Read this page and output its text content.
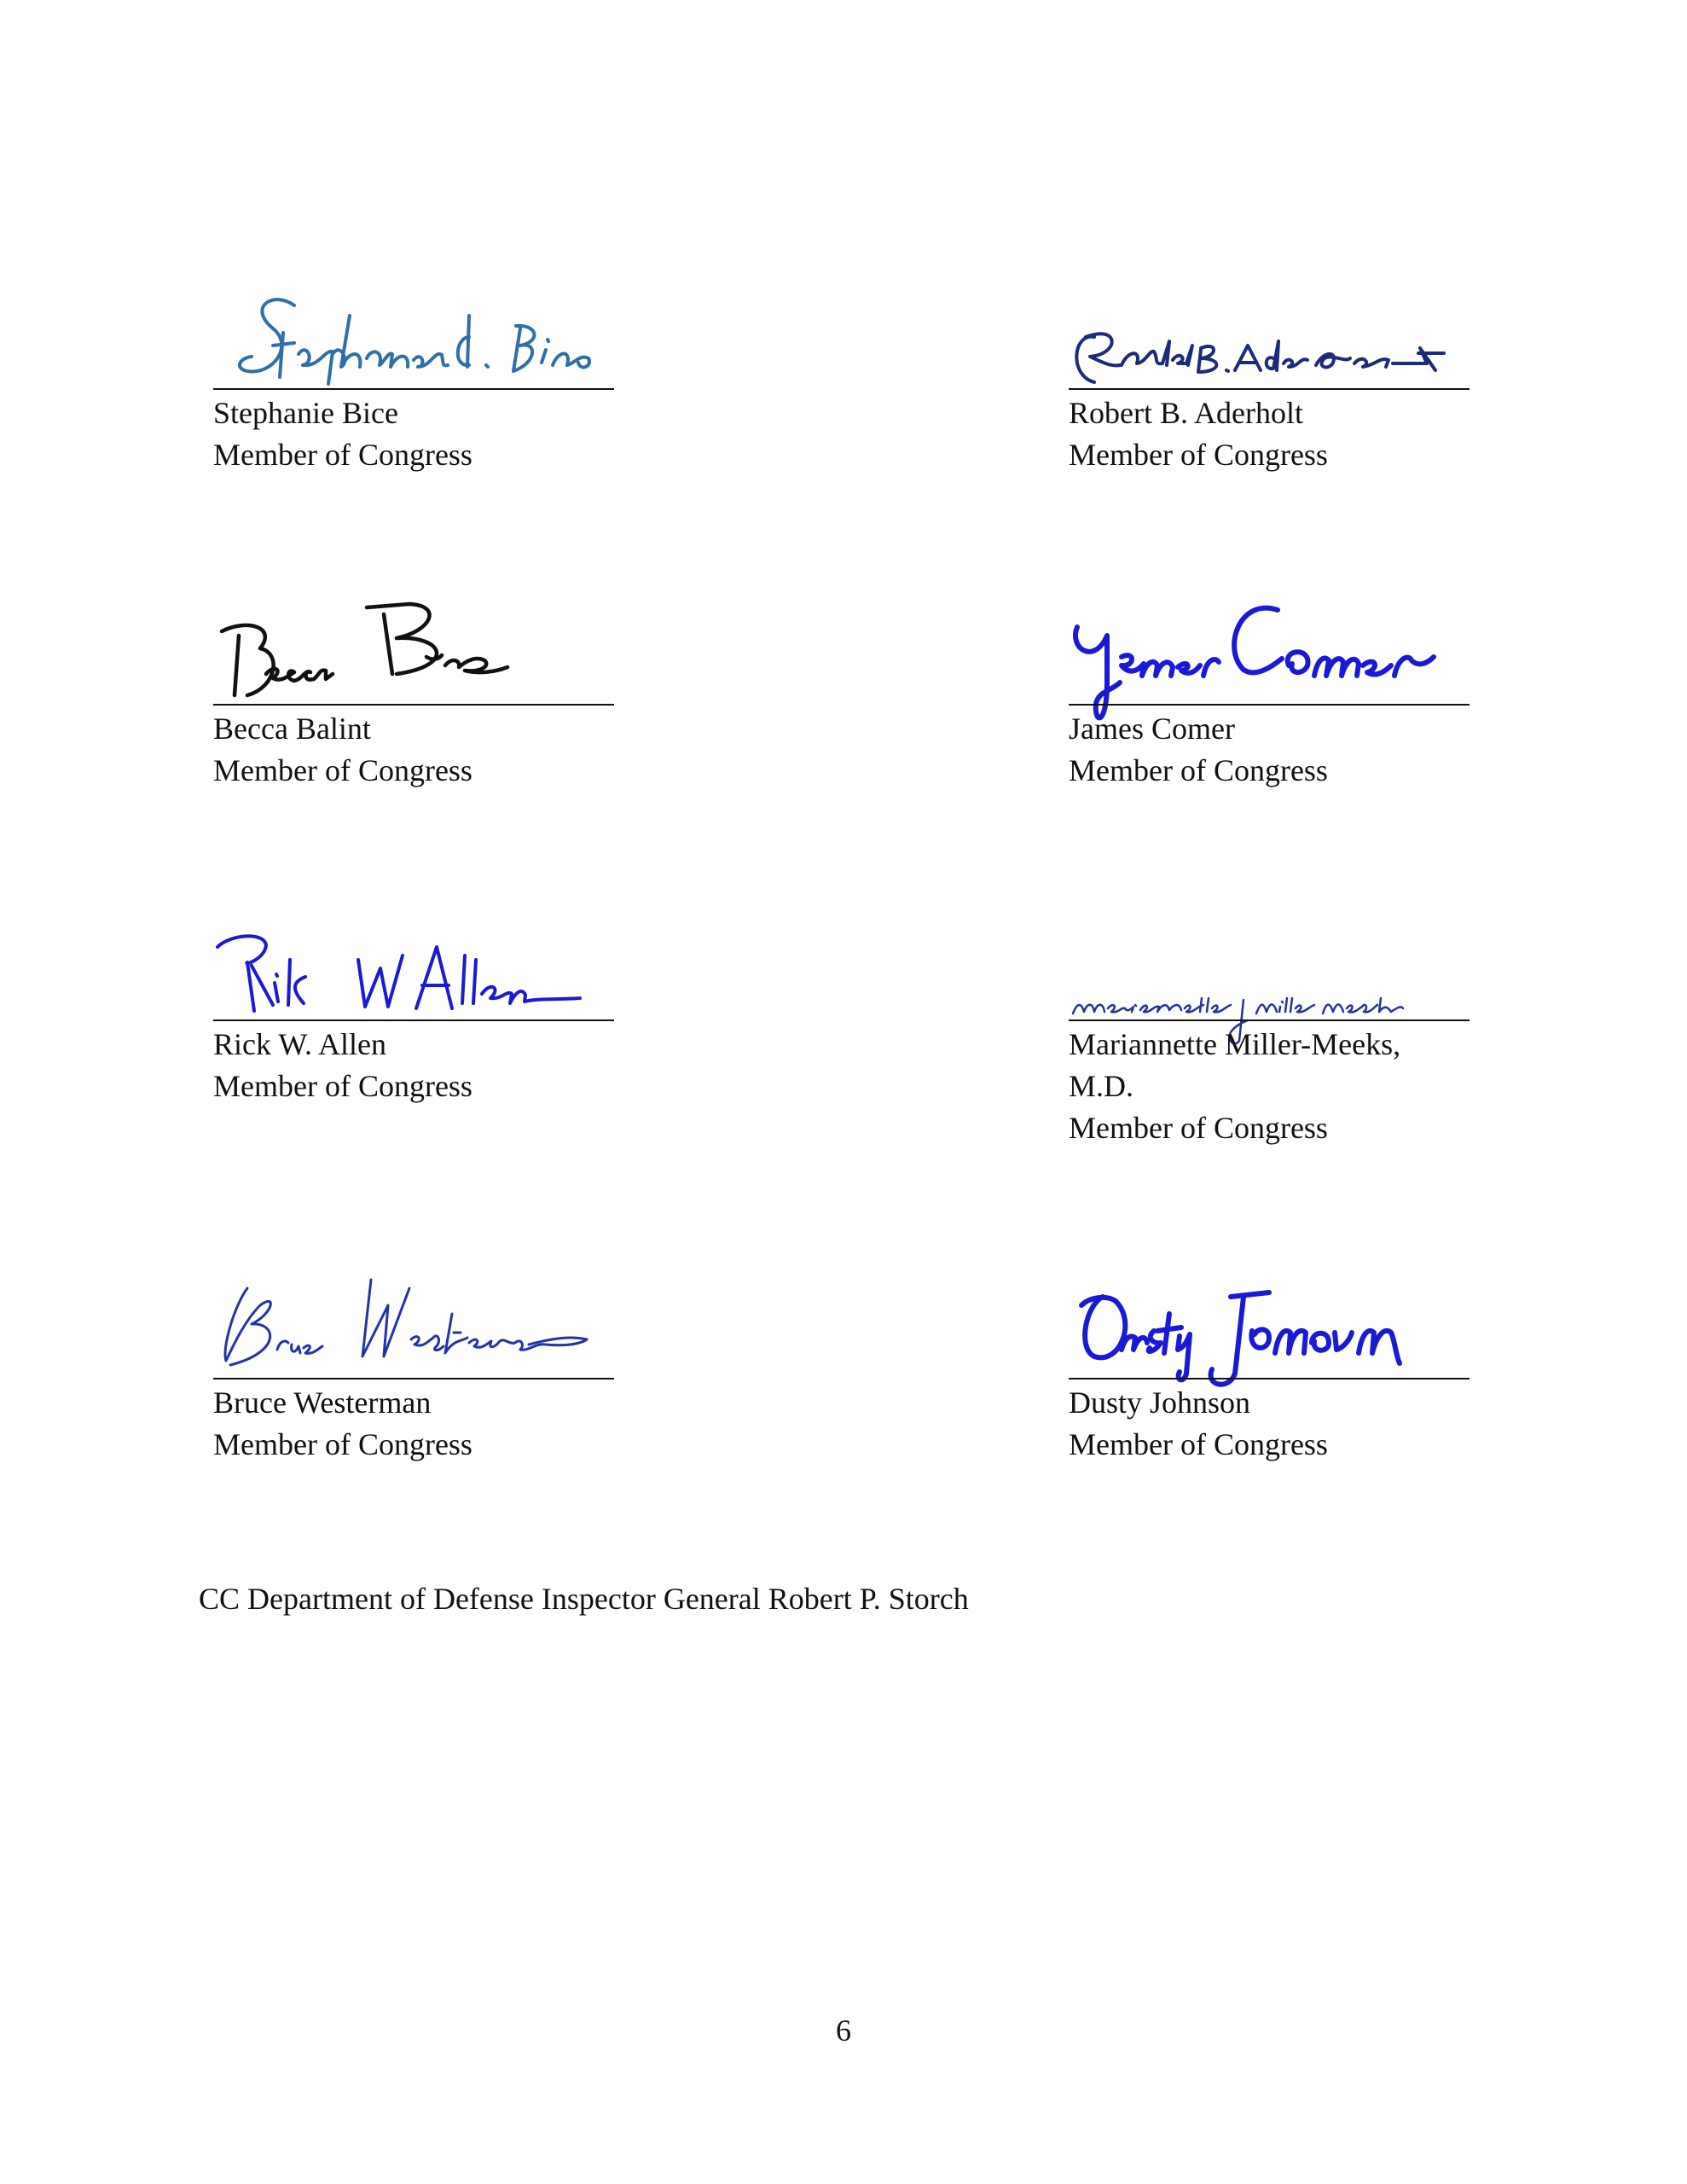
Stephanie Bice
Member of Congress
Robert B. Aderholt
Member of Congress
Becca Balint
Member of Congress
James Comer
Member of Congress
Rick W. Allen
Member of Congress
Mariannette Miller-Meeks,
M.D.
Member of Congress
Bruce Westerman
Member of Congress
Dusty Johnson
Member of Congress
CC Department of Defense Inspector General Robert P. Storch
6
